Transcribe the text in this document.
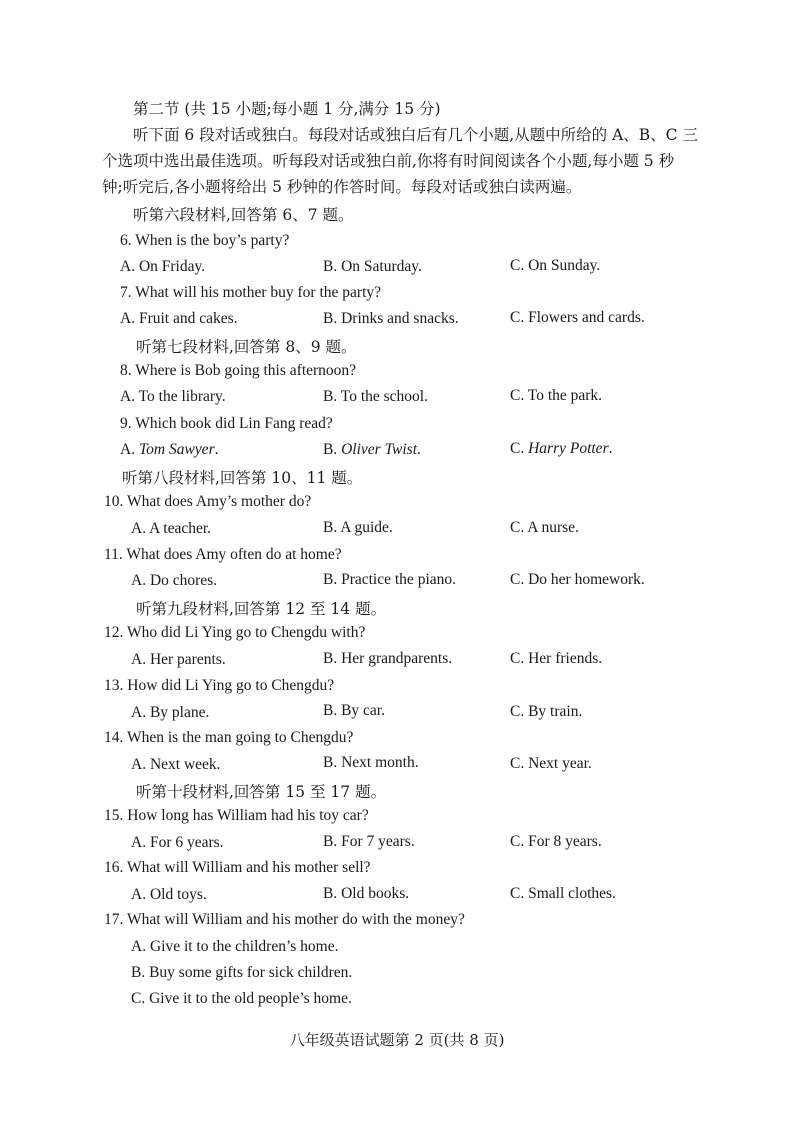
第二节 (共 15 小题;每小题 1 分,满分 15 分)
听下面 6 段对话或独白。每段对话或独白后有几个小题,从题中所给的 A、B、C 三
个选项中选出最佳选项。听每段对话或独白前,你将有时间阅读各个小题,每小题 5 秒
钟;听完后,各小题将给出 5 秒钟的作答时间。每段对话或独白读两遍。
听第六段材料,回答第 6、7 题。
6. When is the boy’s party?
A. On Friday.	B. On Saturday.	C. On Sunday.
7. What will his mother buy for the party?
A. Fruit and cakes.	B. Drinks and snacks.	C. Flowers and cards.
听第七段材料,回答第 8、9 题。
8. Where is Bob going this afternoon?
A. To the library.	B. To the school.	C. To the park.
9. Which book did Lin Fang read?
A. Tom Sawyer.	B. Oliver Twist.	C. Harry Potter.
听第八段材料,回答第 10、11 题。
10. What does Amy’s mother do?
A. A teacher.	B. A guide.	C. A nurse.
11. What does Amy often do at home?
A. Do chores.	B. Practice the piano.	C. Do her homework.
听第九段材料,回答第 12 至 14 题。
12. Who did Li Ying go to Chengdu with?
A. Her parents.	B. Her grandparents.	C. Her friends.
13. How did Li Ying go to Chengdu?
A. By plane.	B. By car.	C. By train.
14. When is the man going to Chengdu?
A. Next week.	B. Next month.	C. Next year.
听第十段材料,回答第 15 至 17 题。
15. How long has William had his toy car?
A. For 6 years.	B. For 7 years.	C. For 8 years.
16. What will William and his mother sell?
A. Old toys.	B. Old books.	C. Small clothes.
17. What will William and his mother do with the money?
A. Give it to the children’s home.
B. Buy some gifts for sick children.
C. Give it to the old people’s home.
八年级英语试题第 2 页(共 8 页)
